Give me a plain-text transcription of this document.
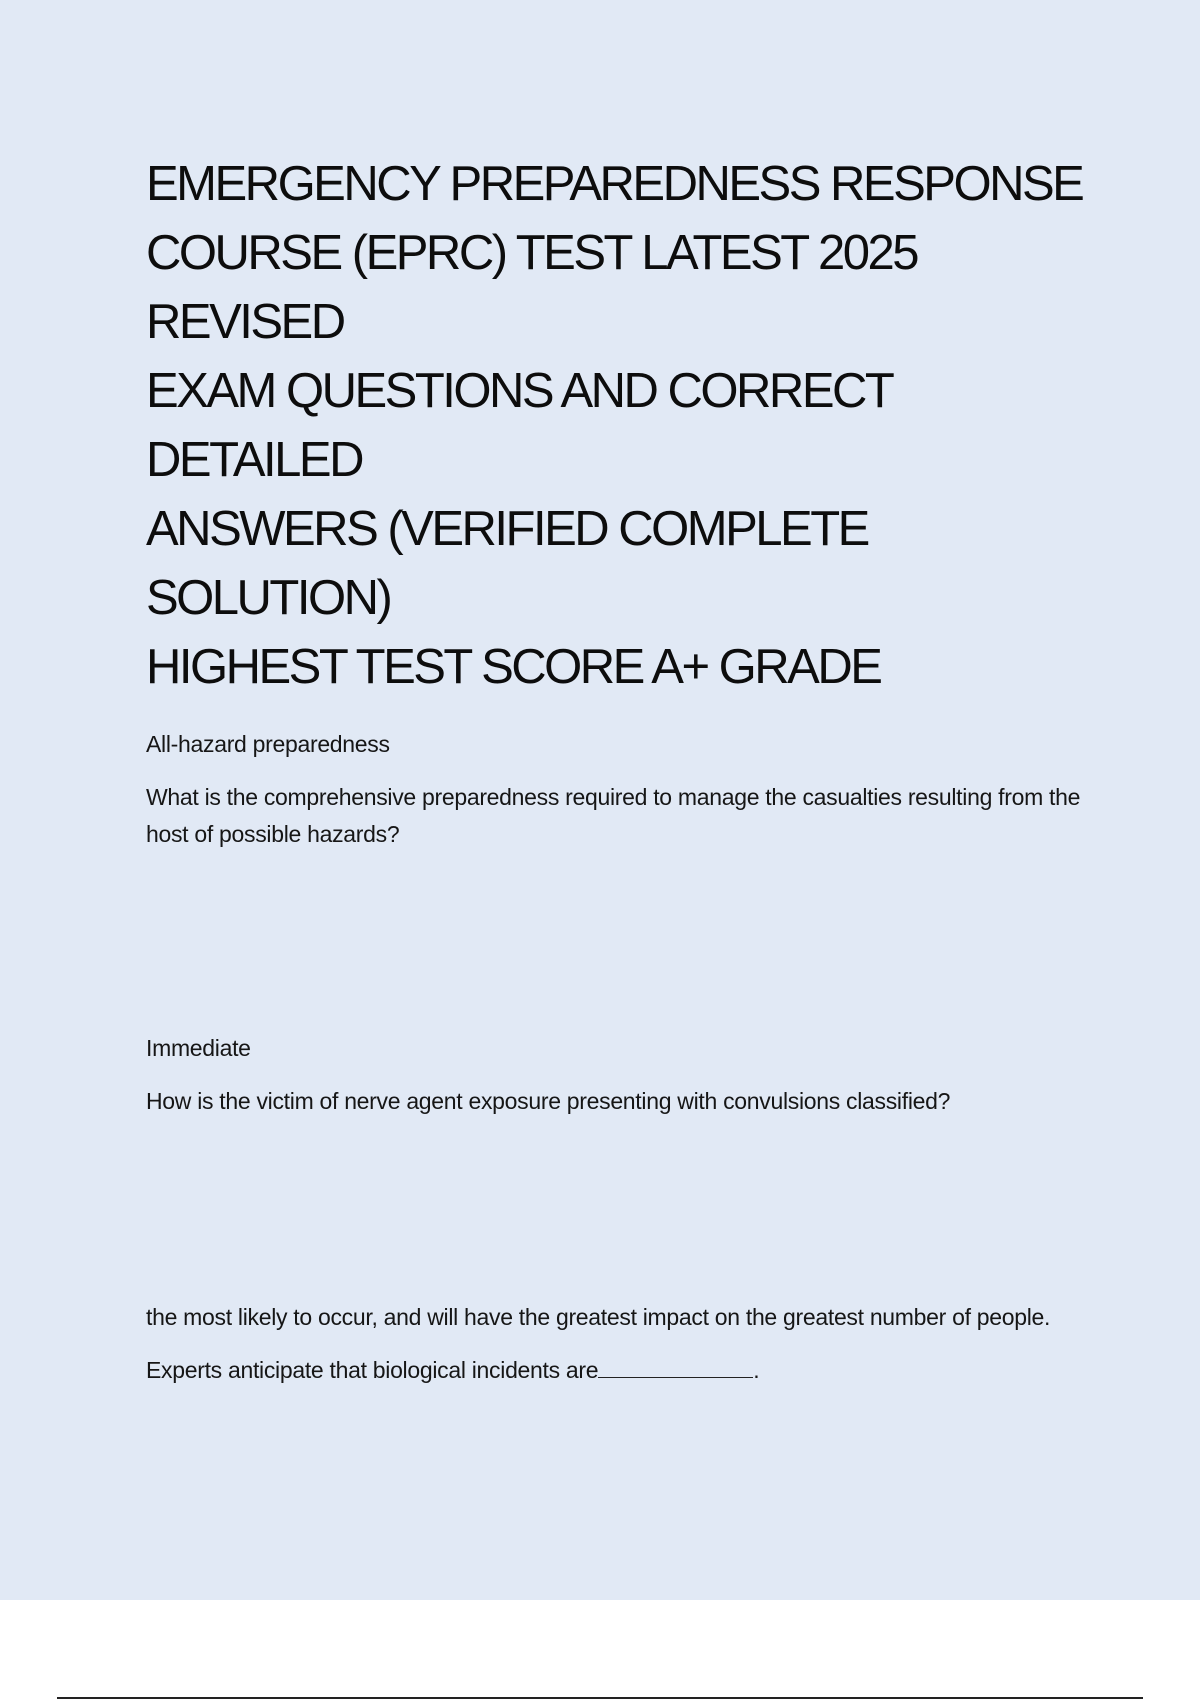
EMERGENCY PREPAREDNESS RESPONSE
COURSE (EPRC) TEST LATEST 2025 REVISED
EXAM QUESTIONS AND CORRECT DETAILED
ANSWERS (VERIFIED COMPLETE SOLUTION)
HIGHEST TEST SCORE A+ GRADE

All-hazard preparedness

What is the comprehensive preparedness required to manage the casualties resulting from the host of possible hazards?

Immediate

How is the victim of nerve agent exposure presenting with convulsions classified?

the most likely to occur, and will have the greatest impact on the greatest number of people.

Experts anticipate that biological incidents are	.
